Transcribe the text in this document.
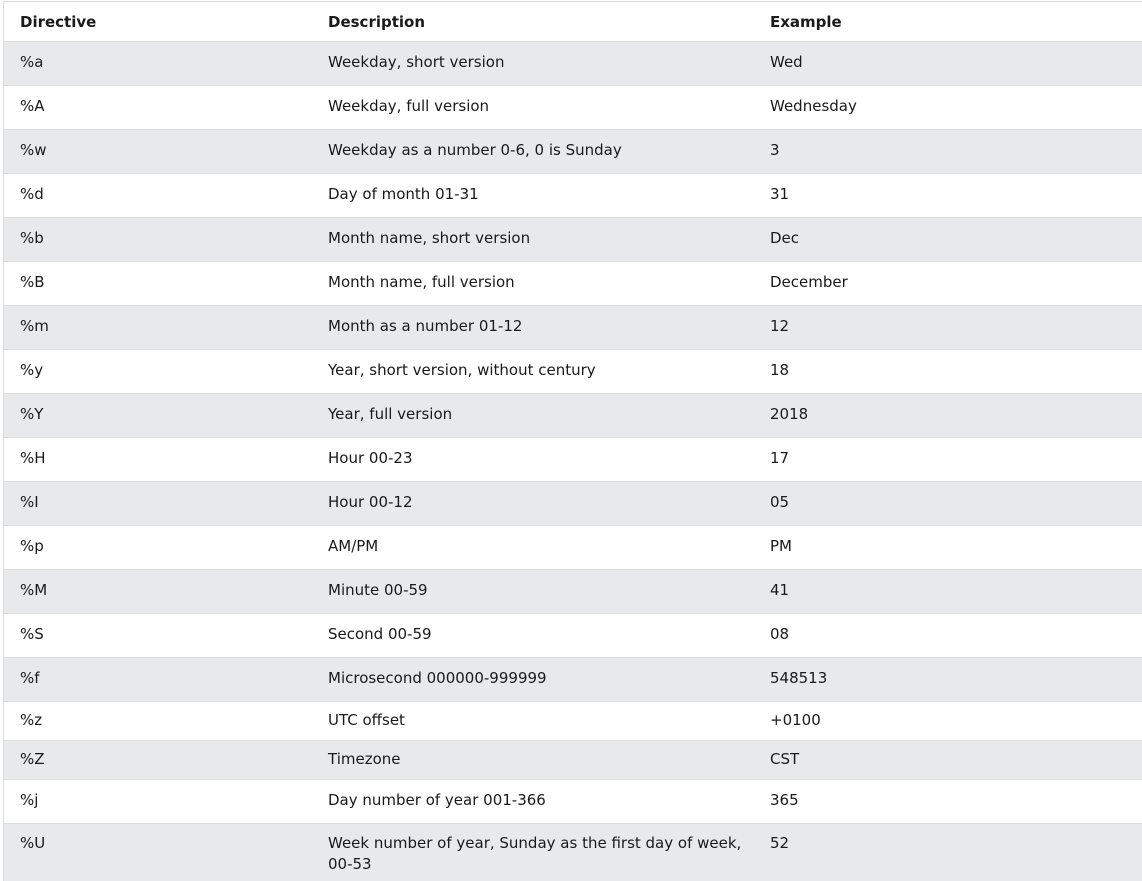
Directive	Description	Example
%a	Weekday, short version	Wed
%A	Weekday, full version	Wednesday
%w	Weekday as a number 0-6, 0 is Sunday	3
%d	Day of month 01-31	31
%b	Month name, short version	Dec
%B	Month name, full version	December
%m	Month as a number 01-12	12
%y	Year, short version, without century	18
%Y	Year, full version	2018
%H	Hour 00-23	17
%I	Hour 00-12	05
%p	AM/PM	PM
%M	Minute 00-59	41
%S	Second 00-59	08
%f	Microsecond 000000-999999	548513
%z	UTC offset	+0100
%Z	Timezone	CST
%j	Day number of year 001-366	365
%U	Week number of year, Sunday as the first day of week, 00-53	52
